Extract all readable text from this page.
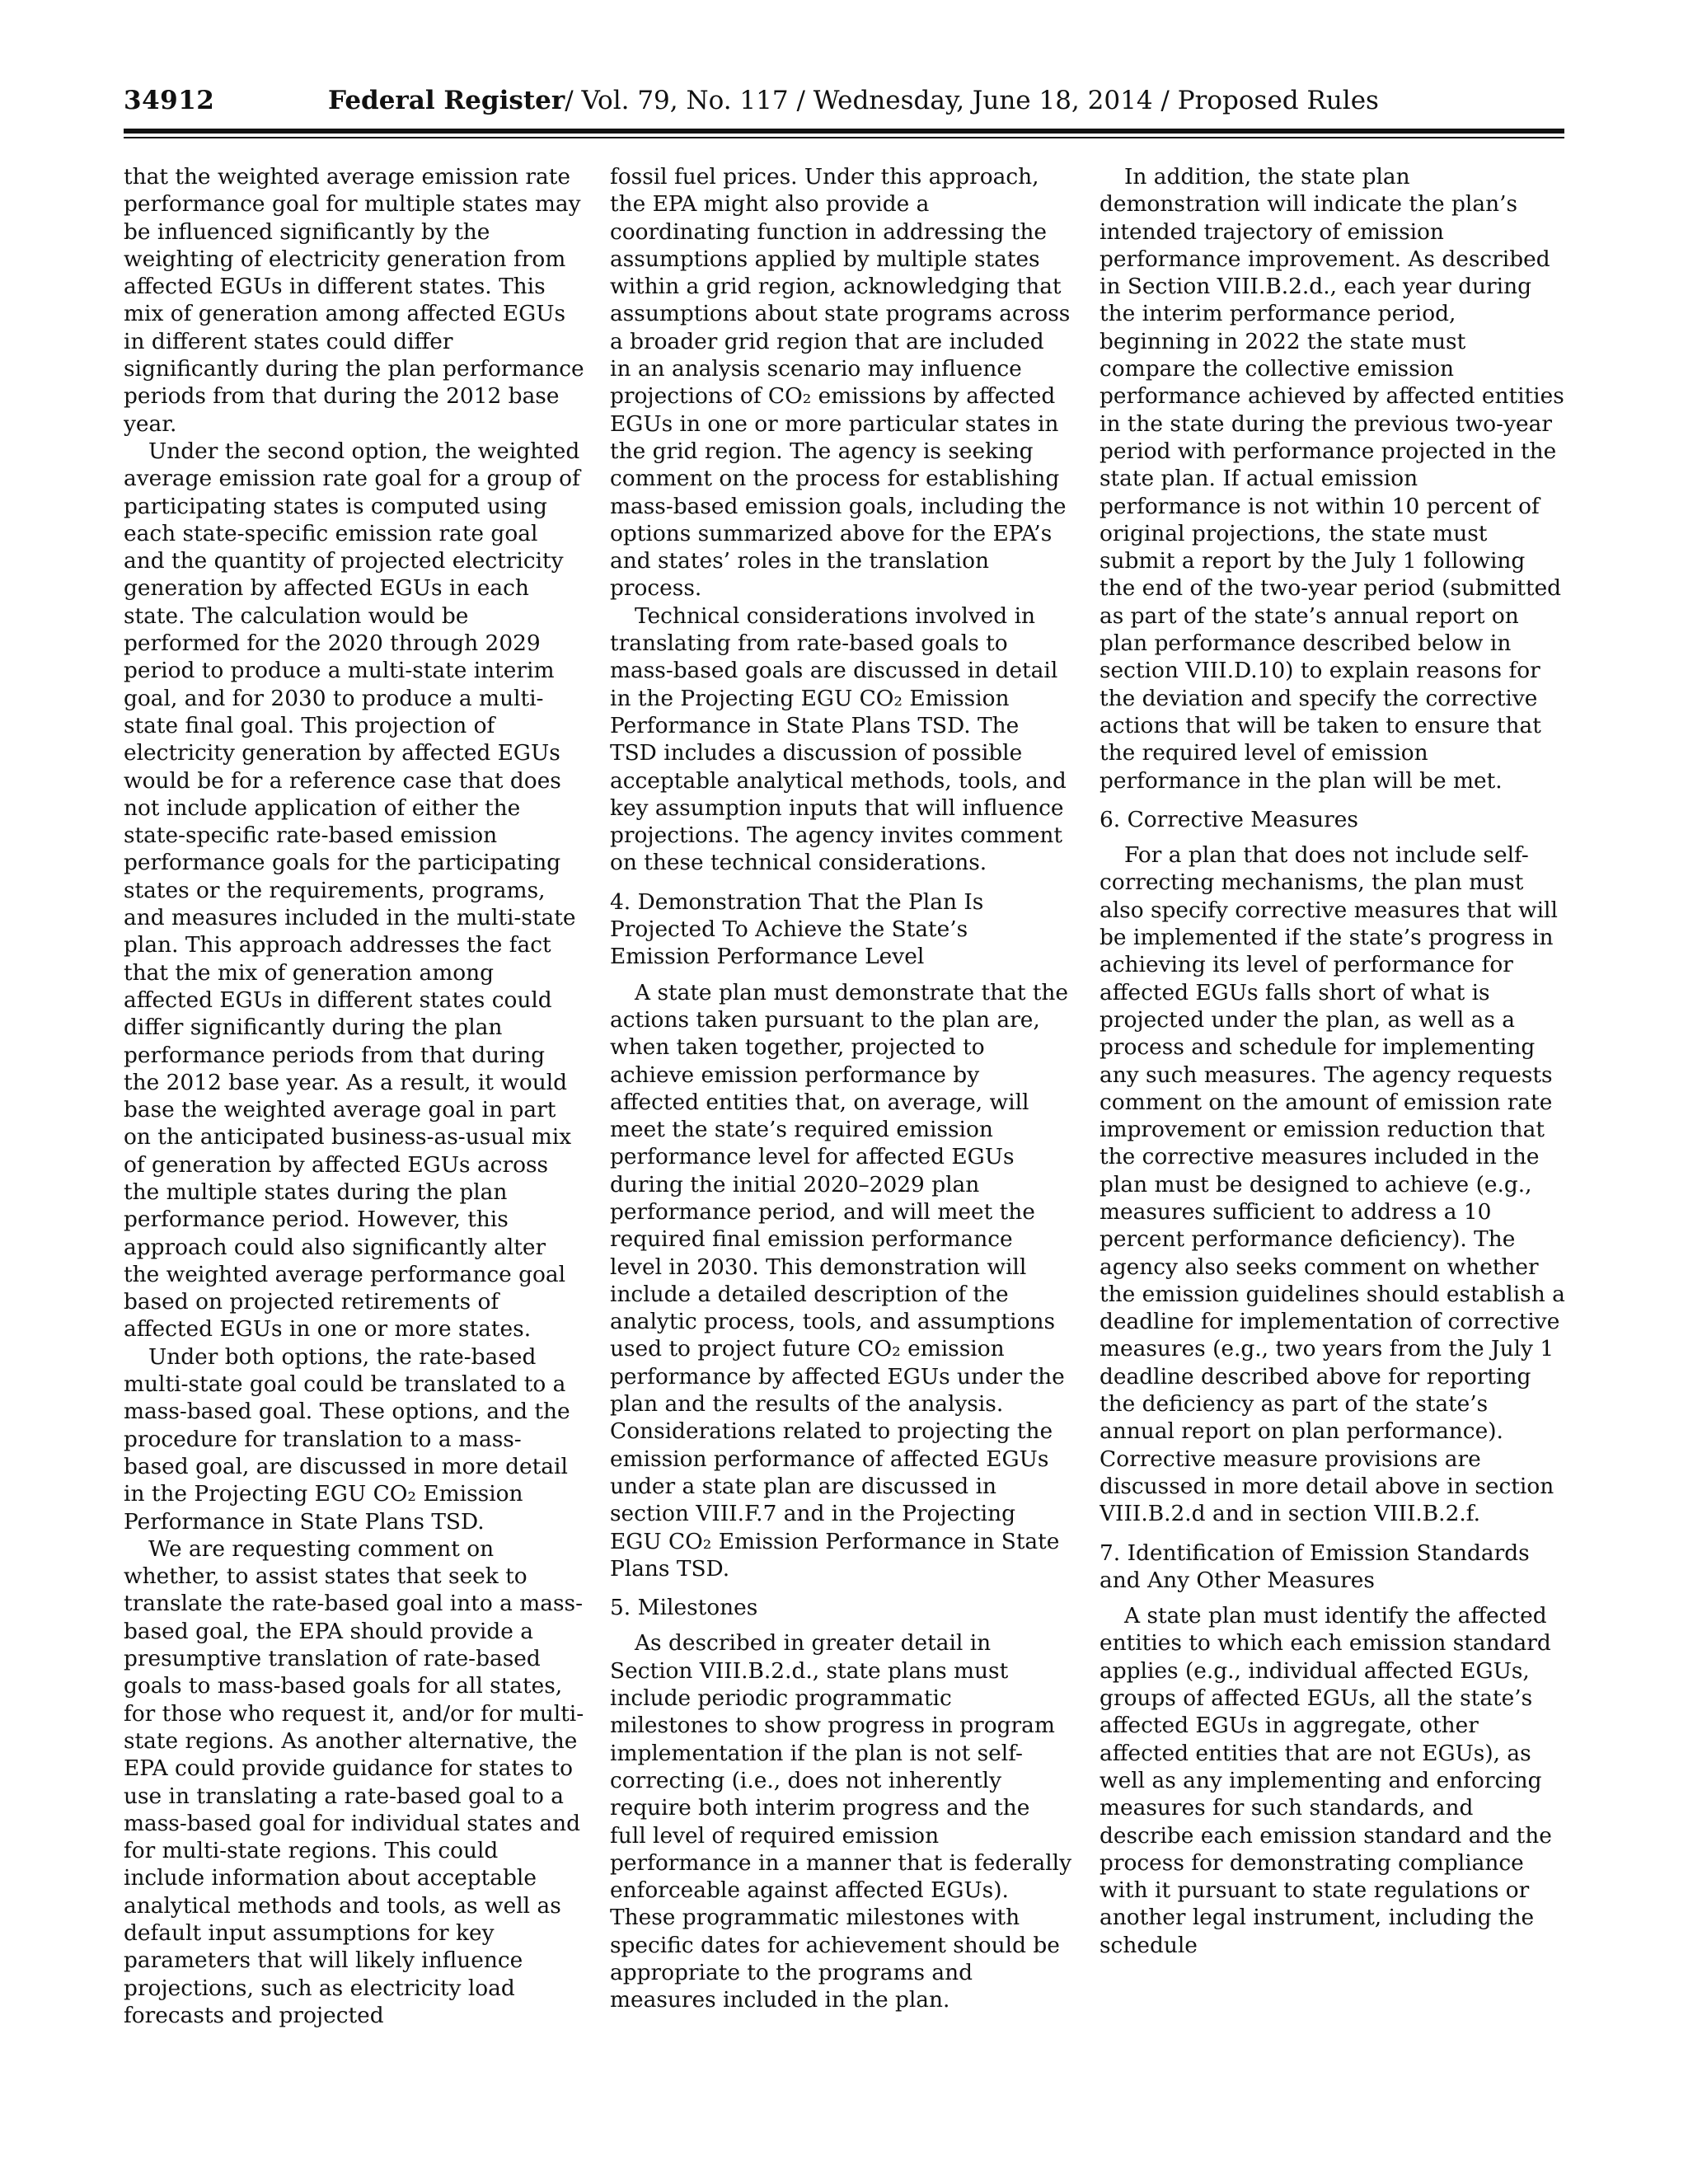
34912	Federal Register/ Vol. 79, No. 117 / Wednesday, June 18, 2014 / Proposed Rules

that the weighted average emission rate performance goal for multiple states may be influenced significantly by the weighting of electricity generation from affected EGUs in different states. This mix of generation among affected EGUs in different states could differ significantly during the plan performance periods from that during the 2012 base year.

Under the second option, the weighted average emission rate goal for a group of participating states is computed using each state-specific emission rate goal and the quantity of projected electricity generation by affected EGUs in each state. The calculation would be performed for the 2020 through 2029 period to produce a multi-state interim goal, and for 2030 to produce a multi-state final goal. This projection of electricity generation by affected EGUs would be for a reference case that does not include application of either the state-specific rate-based emission performance goals for the participating states or the requirements, programs, and measures included in the multi-state plan. This approach addresses the fact that the mix of generation among affected EGUs in different states could differ significantly during the plan performance periods from that during the 2012 base year. As a result, it would base the weighted average goal in part on the anticipated business-as-usual mix of generation by affected EGUs across the multiple states during the plan performance period. However, this approach could also significantly alter the weighted average performance goal based on projected retirements of affected EGUs in one or more states.

Under both options, the rate-based multi-state goal could be translated to a mass-based goal. These options, and the procedure for translation to a mass-based goal, are discussed in more detail in the Projecting EGU CO₂ Emission Performance in State Plans TSD.

We are requesting comment on whether, to assist states that seek to translate the rate-based goal into a mass-based goal, the EPA should provide a presumptive translation of rate-based goals to mass-based goals for all states, for those who request it, and/or for multi-state regions. As another alternative, the EPA could provide guidance for states to use in translating a rate-based goal to a mass-based goal for individual states and for multi-state regions. This could include information about acceptable analytical methods and tools, as well as default input assumptions for key parameters that will likely influence projections, such as electricity load forecasts and projected

fossil fuel prices. Under this approach, the EPA might also provide a coordinating function in addressing the assumptions applied by multiple states within a grid region, acknowledging that assumptions about state programs across a broader grid region that are included in an analysis scenario may influence projections of CO₂ emissions by affected EGUs in one or more particular states in the grid region. The agency is seeking comment on the process for establishing mass-based emission goals, including the options summarized above for the EPA’s and states’ roles in the translation process.

Technical considerations involved in translating from rate-based goals to mass-based goals are discussed in detail in the Projecting EGU CO₂ Emission Performance in State Plans TSD. The TSD includes a discussion of possible acceptable analytical methods, tools, and key assumption inputs that will influence projections. The agency invites comment on these technical considerations.

4. Demonstration That the Plan Is Projected To Achieve the State’s Emission Performance Level

A state plan must demonstrate that the actions taken pursuant to the plan are, when taken together, projected to achieve emission performance by affected entities that, on average, will meet the state’s required emission performance level for affected EGUs during the initial 2020–2029 plan performance period, and will meet the required final emission performance level in 2030. This demonstration will include a detailed description of the analytic process, tools, and assumptions used to project future CO₂ emission performance by affected EGUs under the plan and the results of the analysis. Considerations related to projecting the emission performance of affected EGUs under a state plan are discussed in section VIII.F.7 and in the Projecting EGU CO₂ Emission Performance in State Plans TSD.

5. Milestones

As described in greater detail in Section VIII.B.2.d., state plans must include periodic programmatic milestones to show progress in program implementation if the plan is not self-correcting (i.e., does not inherently require both interim progress and the full level of required emission performance in a manner that is federally enforceable against affected EGUs). These programmatic milestones with specific dates for achievement should be appropriate to the programs and measures included in the plan.

In addition, the state plan demonstration will indicate the plan’s intended trajectory of emission performance improvement. As described in Section VIII.B.2.d., each year during the interim performance period, beginning in 2022 the state must compare the collective emission performance achieved by affected entities in the state during the previous two-year period with performance projected in the state plan. If actual emission performance is not within 10 percent of original projections, the state must submit a report by the July 1 following the end of the two-year period (submitted as part of the state’s annual report on plan performance described below in section VIII.D.10) to explain reasons for the deviation and specify the corrective actions that will be taken to ensure that the required level of emission performance in the plan will be met.

6. Corrective Measures

For a plan that does not include self-correcting mechanisms, the plan must also specify corrective measures that will be implemented if the state’s progress in achieving its level of performance for affected EGUs falls short of what is projected under the plan, as well as a process and schedule for implementing any such measures. The agency requests comment on the amount of emission rate improvement or emission reduction that the corrective measures included in the plan must be designed to achieve (e.g., measures sufficient to address a 10 percent performance deficiency). The agency also seeks comment on whether the emission guidelines should establish a deadline for implementation of corrective measures (e.g., two years from the July 1 deadline described above for reporting the deficiency as part of the state’s annual report on plan performance). Corrective measure provisions are discussed in more detail above in section VIII.B.2.d and in section VIII.B.2.f.

7. Identification of Emission Standards and Any Other Measures

A state plan must identify the affected entities to which each emission standard applies (e.g., individual affected EGUs, groups of affected EGUs, all the state’s affected EGUs in aggregate, other affected entities that are not EGUs), as well as any implementing and enforcing measures for such standards, and describe each emission standard and the process for demonstrating compliance with it pursuant to state regulations or another legal instrument, including the schedule
